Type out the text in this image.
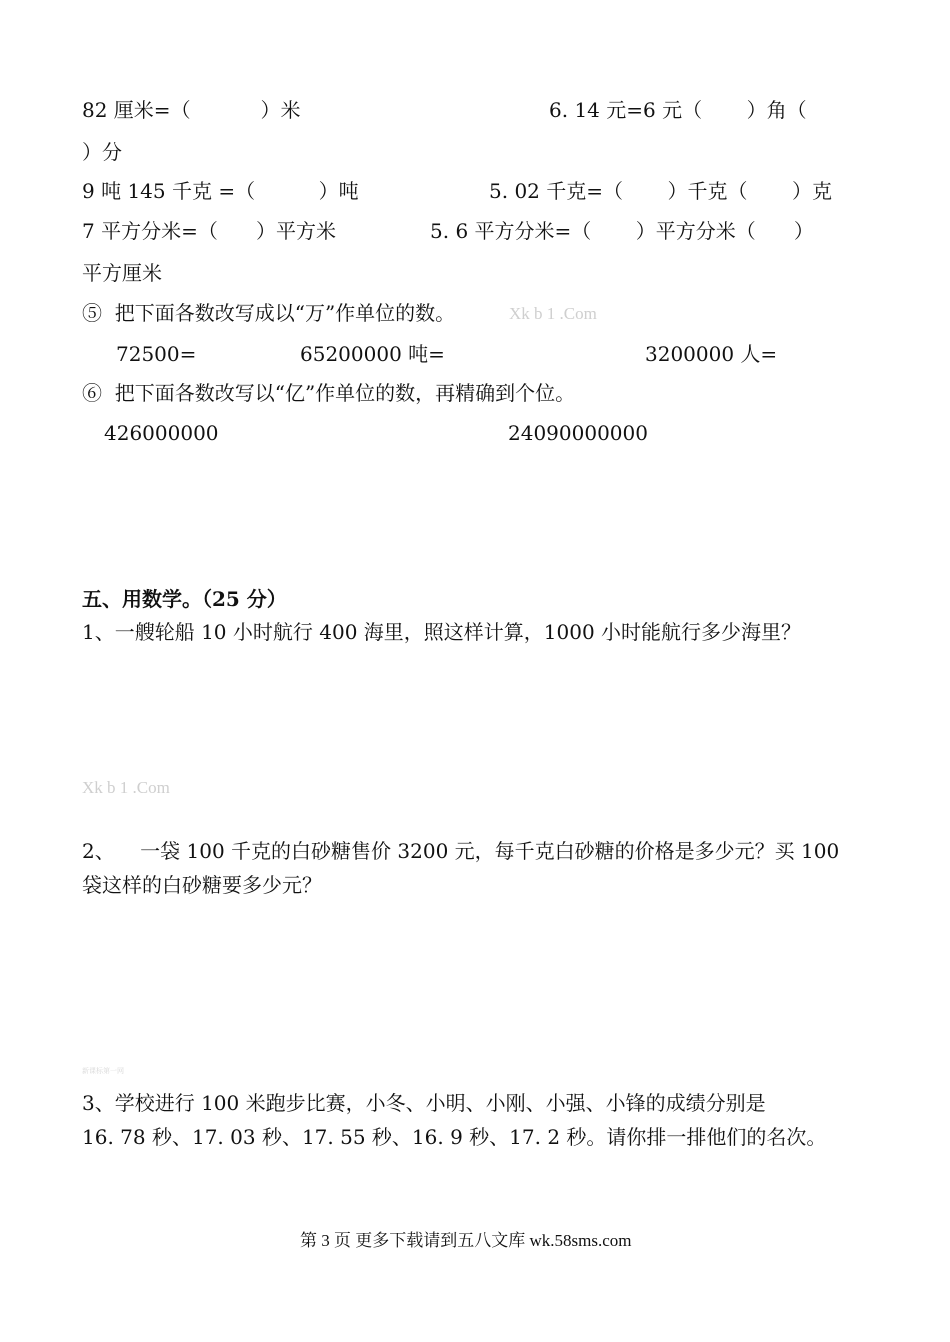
82 厘米=（           ）米	6. 14 元=6 元（       ）角（
）分
9 吨 145 千克 =（          ）吨	5. 02 千克=（       ）千克（       ）克
7 平方分米=（      ）平方米	5. 6 平方分米=（       ）平方分米（      ）
平方厘米
⑤  把下面各数改写成以“万”作单位的数。	Xk b 1 .Com
72500=	65200000 吨=	3200000 人=
⑥  把下面各数改写以“亿”作单位的数，再精确到个位。
426000000	24090000000
五、用数学。（25 分）
1、一艘轮船 10 小时航行 400 海里，照这样计算，1000 小时能航行多少海里？
Xk b 1 .Com
2、    一袋 100 千克的白砂糖售价 3200 元，每千克白砂糖的价格是多少元？买 100
袋这样的白砂糖要多少元？
新课标第一网
3、学校进行 100 米跑步比赛，小冬、小明、小刚、小强、小锋的成绩分别是
16. 78 秒、17. 03 秒、17. 55 秒、16. 9 秒、17. 2 秒。请你排一排他们的名次。
第 3 页 更多下载请到五八文库 wk.58sms.com
